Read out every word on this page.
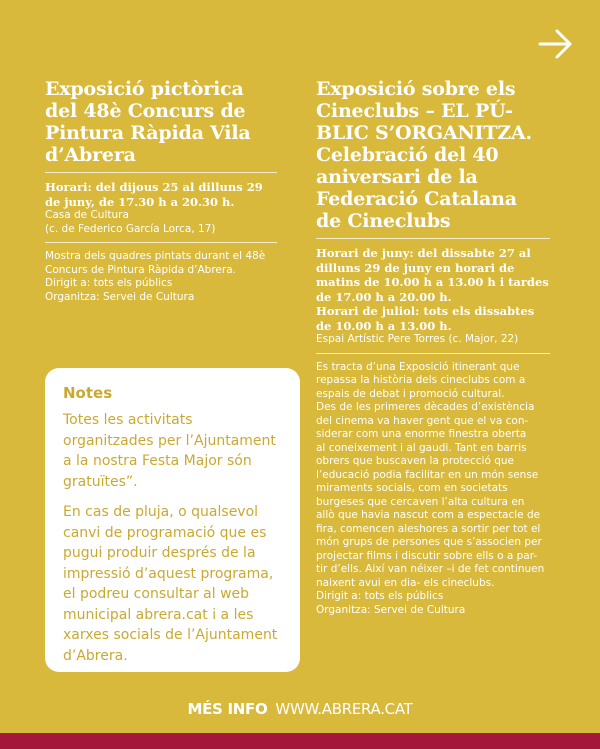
Exposició pictòrica
del 48è Concurs de
Pintura Ràpida Vila
d’Abrera
Horari: del dijous 25 al dilluns 29
de juny, de 17.30 h a 20.30 h.
Casa de Cultura
(c. de Federico García Lorca, 17)
Mostra dels quadres pintats durant el 48è
Concurs de Pintura Ràpida d’Abrera.
Dirigit a: tots els públics
Organitza: Servei de Cultura
Exposició sobre els
Cineclubs – EL PÚ-
BLIC S’ORGANITZA.
Celebració del 40
aniversari de la
Federació Catalana
de Cineclubs
Horari de juny: del dissabte 27 al
dilluns 29 de juny en horari de
matins de 10.00 h a 13.00 h i tardes
de 17.00 h a 20.00 h.
Horari de juliol: tots els dissabtes
de 10.00 h a 13.00 h.
Espai Artístic Pere Torres (c. Major, 22)
Es tracta d’una Exposició itinerant que
repassa la història dels cineclubs com a
espais de debat i promoció cultural.
Des de les primeres dècades d’existència
del cinema va haver gent que el va con-
siderar com una enorme finestra oberta
al coneixement i al gaudi. Tant en barris
obrers que buscaven la protecció que
l’educació podia facilitar en un món sense
miraments socials, com en societats
burgeses que cercaven l’alta cultura en
allò que havia nascut com a espectacle de
fira, comencen aleshores a sortir per tot el
món grups de persones que s’associen per
projectar films i discutir sobre ells o a par-
tir d’ells. Així van néixer –i de fet continuen
naixent avui en dia- els cineclubs.
Dirigit a: tots els públics
Organitza: Servei de Cultura
Notes
Totes les activitats
organitzades per l’Ajuntament
a la nostra Festa Major són
gratuïtes”.
En cas de pluja, o qualsevol
canvi de programació que es
pugui produir després de la
impressió d’aquest programa,
el podreu consultar al web
municipal abrera.cat i a les
xarxes socials de l’Ajuntament
d’Abrera.
MÉS INFO WWW.ABRERA.CAT
